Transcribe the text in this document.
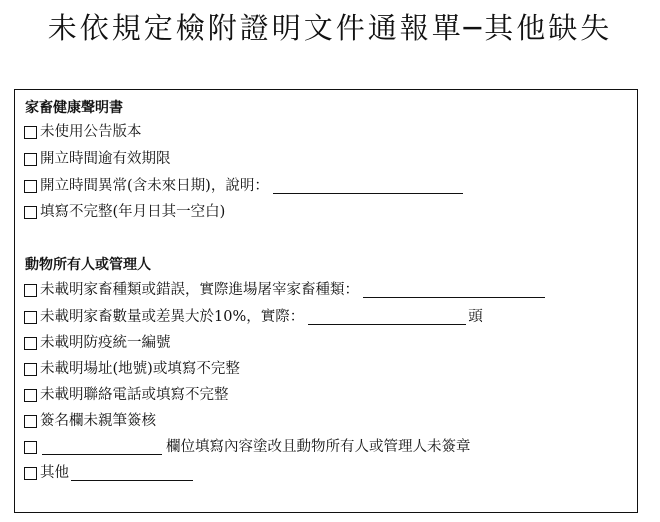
未依規定檢附證明文件通報單─其他缺失
家畜健康聲明書
未使用公告版本
開立時間逾有效期限
開立時間異常(含未來日期)，說明：
填寫不完整(年月日其一空白)
動物所有人或管理人
未載明家畜種類或錯誤，實際進場屠宰家畜種類：
未載明家畜數量或差異大於10%，實際：	頭
未載明防疫統一編號
未載明場址(地號)或填寫不完整
未載明聯絡電話或填寫不完整
簽名欄未親筆簽核
欄位填寫內容塗改且動物所有人或管理人未簽章
其他
